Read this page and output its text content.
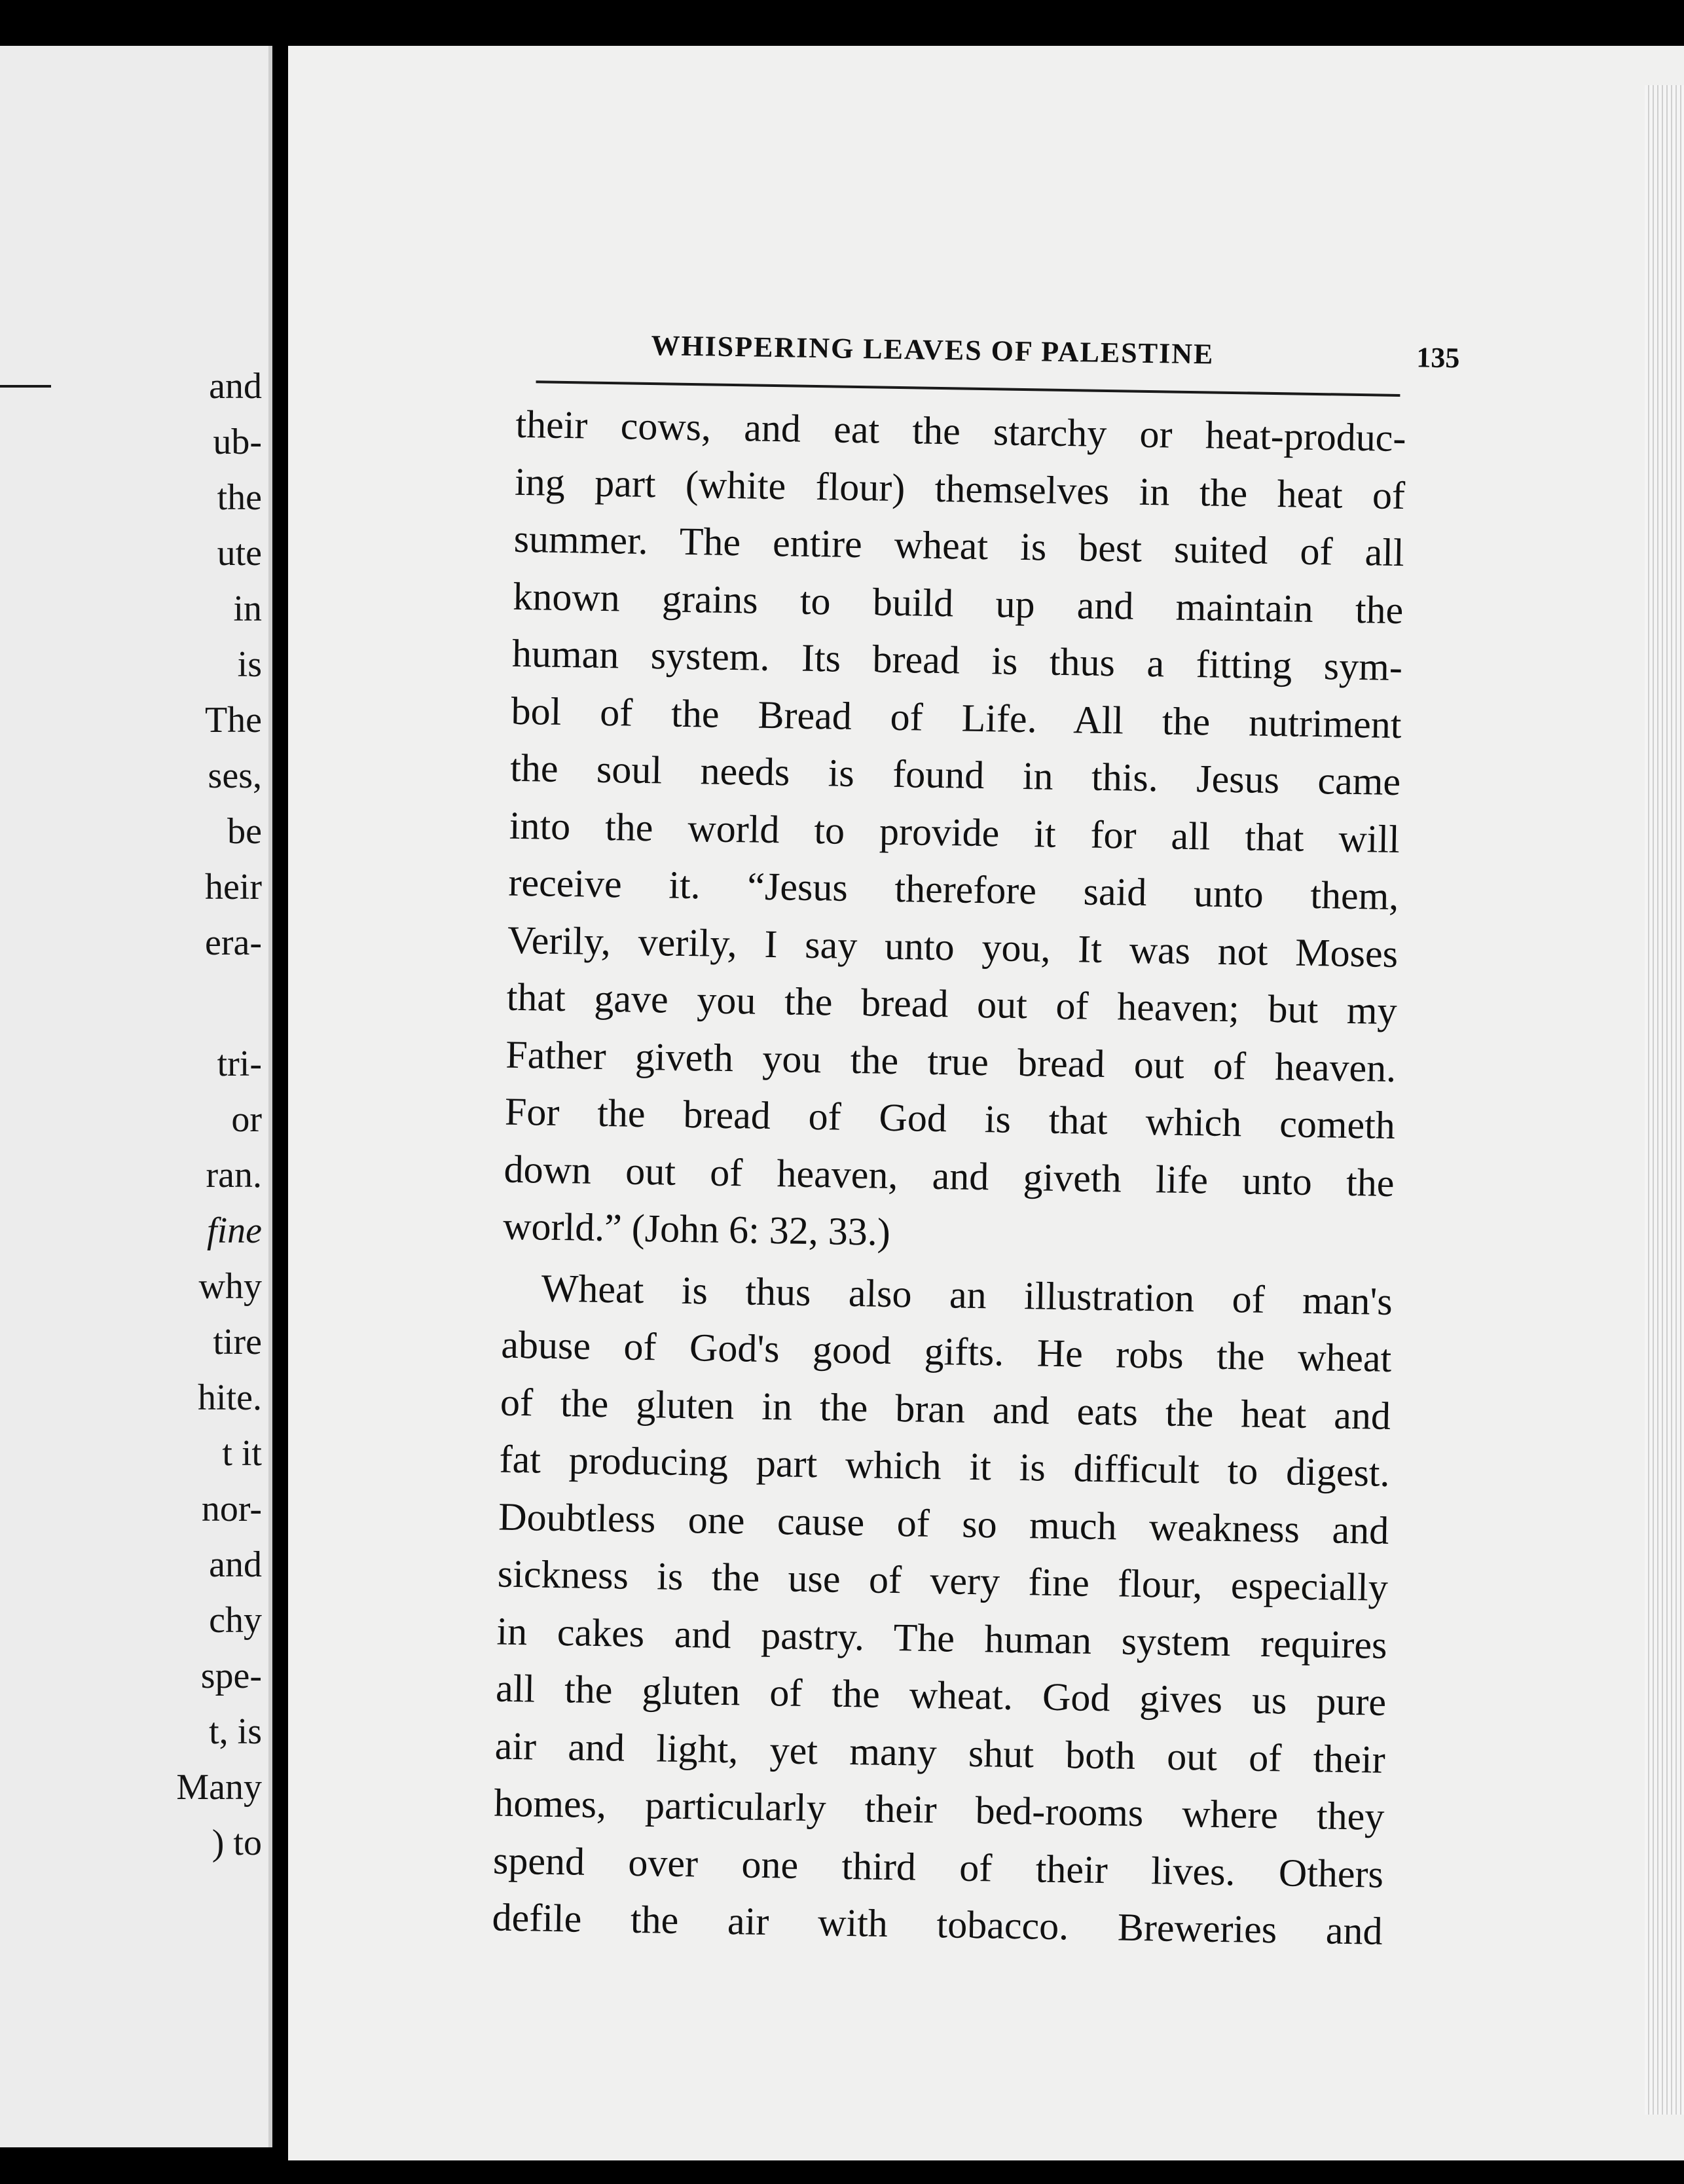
and
ub-
the
ute
in
is
The
ses,
be
heir
era-
tri-
or
ran.
fine
why
tire
hite.
t it
nor-
and
chy
spe-
t, is
Many
) to
WHISPERING LEAVES OF PALESTINE	135
their cows, and eat the starchy or heat-produc-
ing part (white flour) themselves in the heat of
summer. The entire wheat is best suited of all
known grains to build up and maintain the
human system. Its bread is thus a fitting sym-
bol of the Bread of Life. All the nutriment
the soul needs is found in this. Jesus came
into the world to provide it for all that will
receive it. “Jesus therefore said unto them,
Verily, verily, I say unto you, It was not Moses
that gave you the bread out of heaven; but my
Father giveth you the true bread out of heaven.
For the bread of God is that which cometh
down out of heaven, and giveth life unto the
world.” (John 6: 32, 33.)
Wheat is thus also an illustration of man's
abuse of God's good gifts. He robs the wheat
of the gluten in the bran and eats the heat and
fat producing part which it is difficult to digest.
Doubtless one cause of so much weakness and
sickness is the use of very fine flour, especially
in cakes and pastry. The human system requires
all the gluten of the wheat. God gives us pure
air and light, yet many shut both out of their
homes, particularly their bed-rooms where they
spend over one third of their lives. Others
defile the air with tobacco. Breweries and
